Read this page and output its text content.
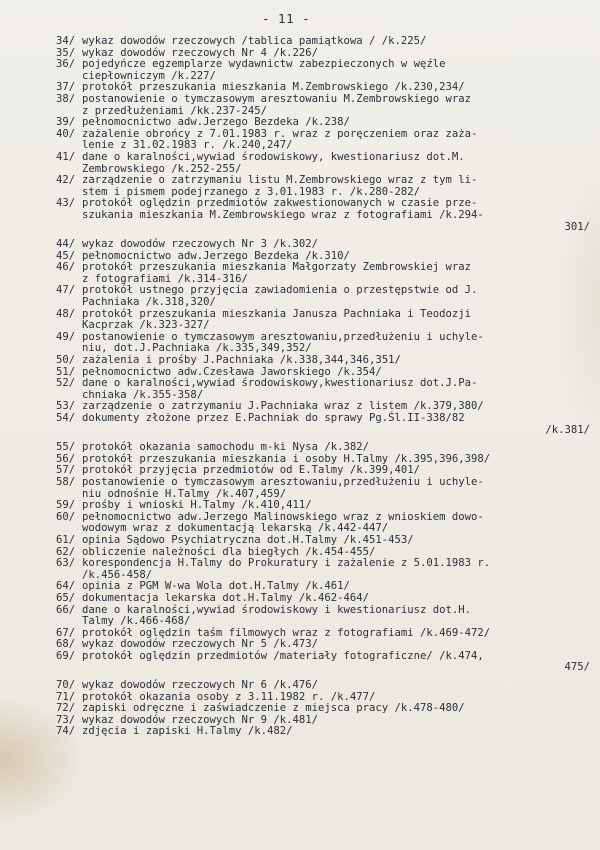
- 11 -
34/ wykaz dowodów rzeczowych /tablica pamiątkowa / /k.225/
35/ wykaz dowodów rzeczowych Nr 4 /k.226/
36/ pojedyńcze egzemplarze wydawnictw zabezpieczonych w węźle
ciepłowniczym /k.227/
37/ protokół przeszukania mieszkania M.Zembrowskiego /k.230,234/
38/ postanowienie o tymczasowym aresztowaniu M.Zembrowskiego wraz
z przedłużeniami /kk.237-245/
39/ pełnomocnictwo adw.Jerzego Bezdeka /k.238/
40/ zażalenie obrońcy z 7.01.1983 r. wraz z poręczeniem oraz zaża-
lenie z 31.02.1983 r. /k.240,247/
41/ dane o karalności,wywiad środowiskowy, kwestionariusz dot.M.
Zembrowskiego /k.252-255/
42/ zarządzenie o zatrzymaniu listu M.Zembrowskiego wraz z tym li-
stem i pismem podejrzanego z 3.01.1983 r. /k.280-282/
43/ protokół oględzin przedmiotów zakwestionowanych w czasie prze-
szukania mieszkania M.Zembrowskiego wraz z fotografiami /k.294-
301/
44/ wykaz dowodów rzeczowych Nr 3 /k.302/
45/ pełnomocnictwo adw.Jerzego Bezdeka /k.310/
46/ protokół przeszukania mieszkania Małgorzaty Zembrowskiej wraz
z fotografiami /k.314-316/
47/ protokół ustnego przyjęcia zawiadomienia o przestępstwie od J.
Pachniaka /k.318,320/
48/ protokół przeszukania mieszkania Janusza Pachniaka i Teodozji
Kacprzak /k.323-327/
49/ postanowienie o tymczasowym aresztowaniu,przedłużeniu i uchyle-
niu, dot.J.Pachniaka /k.335,349,352/
50/ zażalenia i prośby J.Pachniaka /k.338,344,346,351/
51/ pełnomocnictwo adw.Czesława Jaworskiego /k.354/
52/ dane o karalności,wywiad środowiskowy,kwestionariusz dot.J.Pa-
chniaka /k.355-358/
53/ zarządzenie o zatrzymaniu J.Pachniaka wraz z listem /k.379,380/
54/ dokumenty złożone przez E.Pachniak do sprawy Pg.Śl.II-338/82
/k.381/
55/ protokół okazania samochodu m-ki Nysa /k.382/
56/ protokół przeszukania mieszkania i osoby H.Talmy /k.395,396,398/
57/ protokół przyjęcia przedmiotów od E.Talmy /k.399,401/
58/ postanowienie o tymczasowym aresztowaniu,przedłużeniu i uchyle-
niu odnośnie H.Talmy /k.407,459/
59/ prośby i wnioski H.Talmy /k.410,411/
60/ pełnomocnictwo adw.Jerzego Malinowskiego wraz z wnioskiem dowo-
wodowym wraz z dokumentacją lekarską /k.442-447/
61/ opinia Sądowo Psychiatryczna dot.H.Talmy /k.451-453/
62/ obliczenie należności dla biegłych /k.454-455/
63/ korespondencja H.Talmy do Prokuratury i zażalenie z 5.01.1983 r.
/k.456-458/
64/ opinia z PGM W-wa Wola dot.H.Talmy /k.461/
65/ dokumentacja lekarska dot.H.Talmy /k.462-464/
66/ dane o karalności,wywiad środowiskowy i kwestionariusz dot.H.
Talmy /k.466-468/
67/ protokół oględzin taśm filmowych wraz z fotografiami /k.469-472/
68/ wykaz dowodów rzeczowych Nr 5 /k.473/
69/ protokół oględzin przedmiotów /materiały fotograficzne/ /k.474,
475/
70/ wykaz dowodów rzeczowych Nr 6 /k.476/
71/ protokół okazania osoby z 3.11.1982 r. /k.477/
72/ zapiski odręczne i zaświadczenie z miejsca pracy /k.478-480/
73/ wykaz dowodów rzeczowych Nr 9 /k.481/
74/ zdjęcia i zapiski H.Talmy /k.482/
